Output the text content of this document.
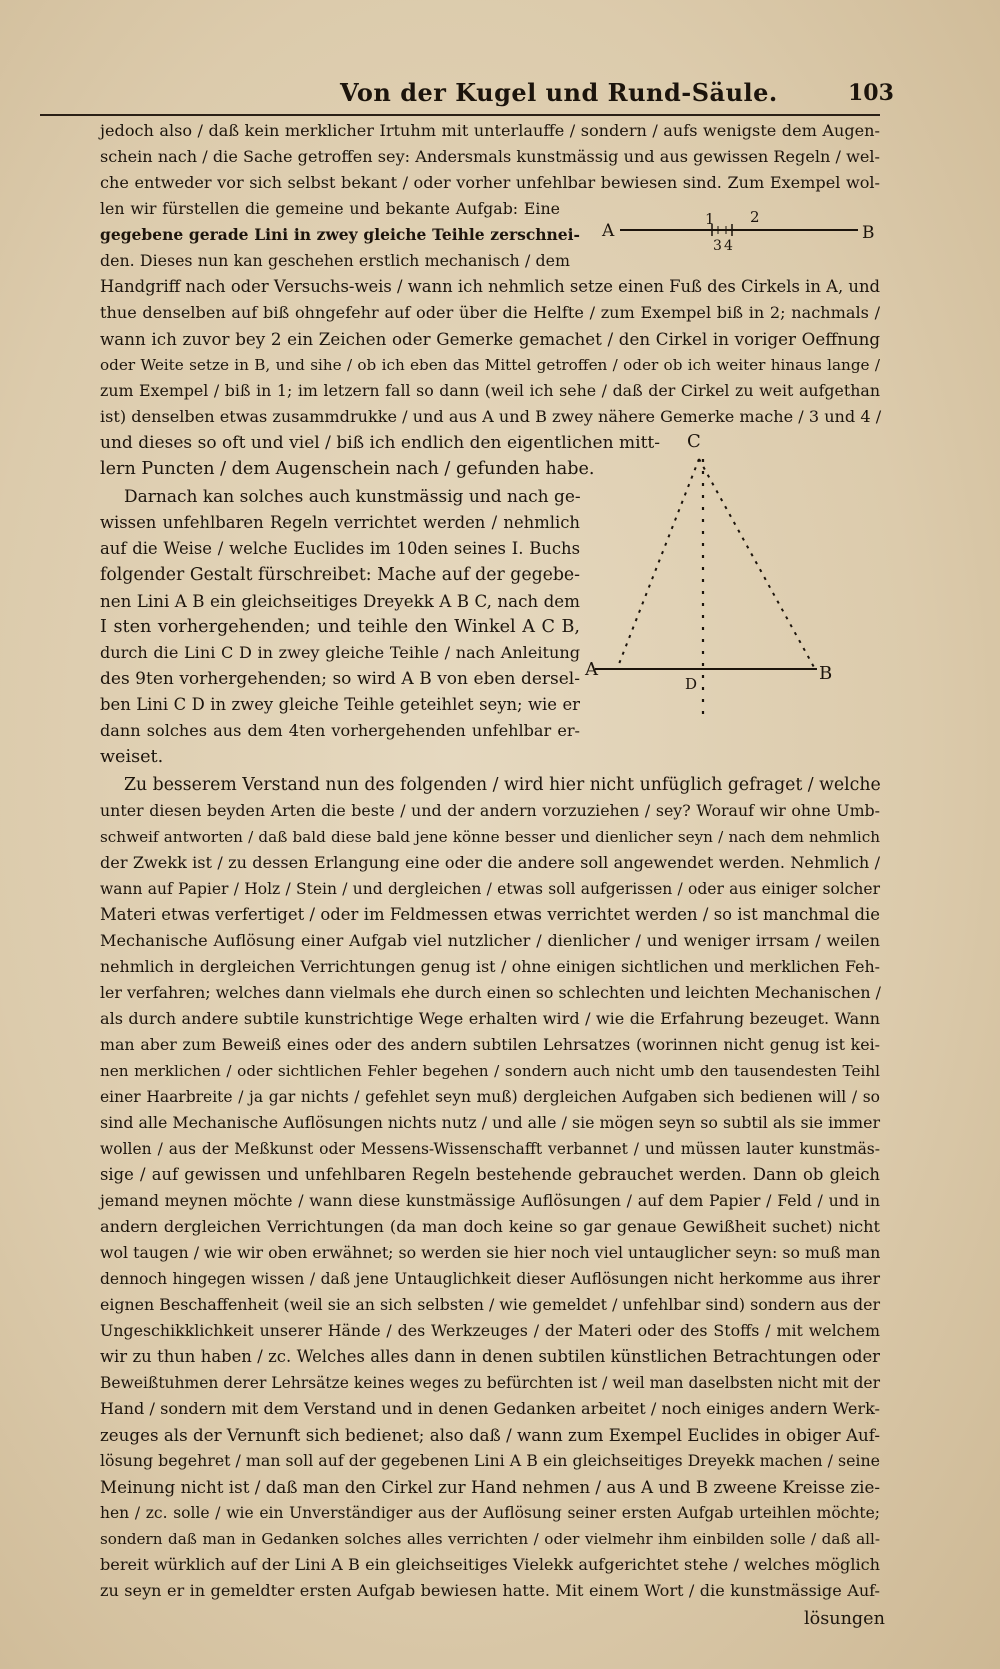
Von der Kugel und Rund-Säule.	103
A	B
1 2
3 4
C
A	B
D
jedoch also / daß kein merklicher Irtuhm mit unterlauffe / sondern / aufs wenigste dem Augen-
schein nach / die Sache getroffen sey: Andersmals kunstmässig und aus gewissen Regeln / wel-
che entweder vor sich selbst bekant / oder vorher unfehlbar bewiesen sind. Zum Exempel wol-
len wir fürstellen die gemeine und bekante Aufgab: Eine
gegebene gerade Lini in zwey gleiche Teihle zerschnei-
den. Dieses nun kan geschehen erstlich mechanisch / dem
Handgriff nach oder Versuchs-weis / wann ich nehmlich setze einen Fuß des Cirkels in A, und
thue denselben auf biß ohngefehr auf oder über die Helfte / zum Exempel biß in 2; nachmals /
wann ich zuvor bey 2 ein Zeichen oder Gemerke gemachet / den Cirkel in voriger Oeffnung
oder Weite setze in B, und sihe / ob ich eben das Mittel getroffen / oder ob ich weiter hinaus lange /
zum Exempel / biß in 1; im letzern fall so dann (weil ich sehe / daß der Cirkel zu weit aufgethan
ist) denselben etwas zusammdrukke / und aus A und B zwey nähere Gemerke mache / 3 und 4 /
und dieses so oft und viel / biß ich endlich den eigentlichen mitt-
lern Puncten / dem Augenschein nach / gefunden habe.
Darnach kan solches auch kunstmässig und nach ge-
wissen unfehlbaren Regeln verrichtet werden / nehmlich
auf die Weise / welche Euclides im 10den seines I. Buchs
folgender Gestalt fürschreibet: Mache auf der gegebe-
nen Lini A B ein gleichseitiges Dreyekk A B C, nach dem
I sten vorhergehenden; und teihle den Winkel A C B,
durch die Lini C D in zwey gleiche Teihle / nach Anleitung
des 9ten vorhergehenden; so wird A B von eben dersel-
ben Lini C D in zwey gleiche Teihle geteihlet seyn; wie er
dann solches aus dem 4ten vorhergehenden unfehlbar er-
weiset.
Zu besserem Verstand nun des folgenden / wird hier nicht unfüglich gefraget / welche
unter diesen beyden Arten die beste / und der andern vorzuziehen / sey? Worauf wir ohne Umb-
schweif antworten / daß bald diese bald jene könne besser und dienlicher seyn / nach dem nehmlich
der Zwekk ist / zu dessen Erlangung eine oder die andere soll angewendet werden. Nehmlich /
wann auf Papier / Holz / Stein / und dergleichen / etwas soll aufgerissen / oder aus einiger solcher
Materi etwas verfertiget / oder im Feldmessen etwas verrichtet werden / so ist manchmal die
Mechanische Auflösung einer Aufgab viel nutzlicher / dienlicher / und weniger irrsam / weilen
nehmlich in dergleichen Verrichtungen genug ist / ohne einigen sichtlichen und merklichen Feh-
ler verfahren; welches dann vielmals ehe durch einen so schlechten und leichten Mechanischen /
als durch andere subtile kunstrichtige Wege erhalten wird / wie die Erfahrung bezeuget. Wann
man aber zum Beweiß eines oder des andern subtilen Lehrsatzes (worinnen nicht genug ist kei-
nen merklichen / oder sichtlichen Fehler begehen / sondern auch nicht umb den tausendesten Teihl
einer Haarbreite / ja gar nichts / gefehlet seyn muß) dergleichen Aufgaben sich bedienen will / so
sind alle Mechanische Auflösungen nichts nutz / und alle / sie mögen seyn so subtil als sie immer
wollen / aus der Meßkunst oder Messens-Wissenschafft verbannet / und müssen lauter kunstmäs-
sige / auf gewissen und unfehlbaren Regeln bestehende gebrauchet werden. Dann ob gleich
jemand meynen möchte / wann diese kunstmässige Auflösungen / auf dem Papier / Feld / und in
andern dergleichen Verrichtungen (da man doch keine so gar genaue Gewißheit suchet) nicht
wol taugen / wie wir oben erwähnet; so werden sie hier noch viel untauglicher seyn: so muß man
dennoch hingegen wissen / daß jene Untauglichkeit dieser Auflösungen nicht herkomme aus ihrer
eignen Beschaffenheit (weil sie an sich selbsten / wie gemeldet / unfehlbar sind) sondern aus der
Ungeschikklichkeit unserer Hände / des Werkzeuges / der Materi oder des Stoffs / mit welchem
wir zu thun haben / zc. Welches alles dann in denen subtilen künstlichen Betrachtungen oder
Beweißtuhmen derer Lehrsätze keines weges zu befürchten ist / weil man daselbsten nicht mit der
Hand / sondern mit dem Verstand und in denen Gedanken arbeitet / noch einiges andern Werk-
zeuges als der Vernunft sich bedienet; also daß / wann zum Exempel Euclides in obiger Auf-
lösung begehret / man soll auf der gegebenen Lini A B ein gleichseitiges Dreyekk machen / seine
Meinung nicht ist / daß man den Cirkel zur Hand nehmen / aus A und B zweene Kreisse zie-
hen / zc. solle / wie ein Unverständiger aus der Auflösung seiner ersten Aufgab urteihlen möchte;
sondern daß man in Gedanken solches alles verrichten / oder vielmehr ihm einbilden solle / daß all-
bereit würklich auf der Lini A B ein gleichseitiges Vielekk aufgerichtet stehe / welches möglich
zu seyn er in gemeldter ersten Aufgab bewiesen hatte. Mit einem Wort / die kunstmässige Auf-
lösungen
